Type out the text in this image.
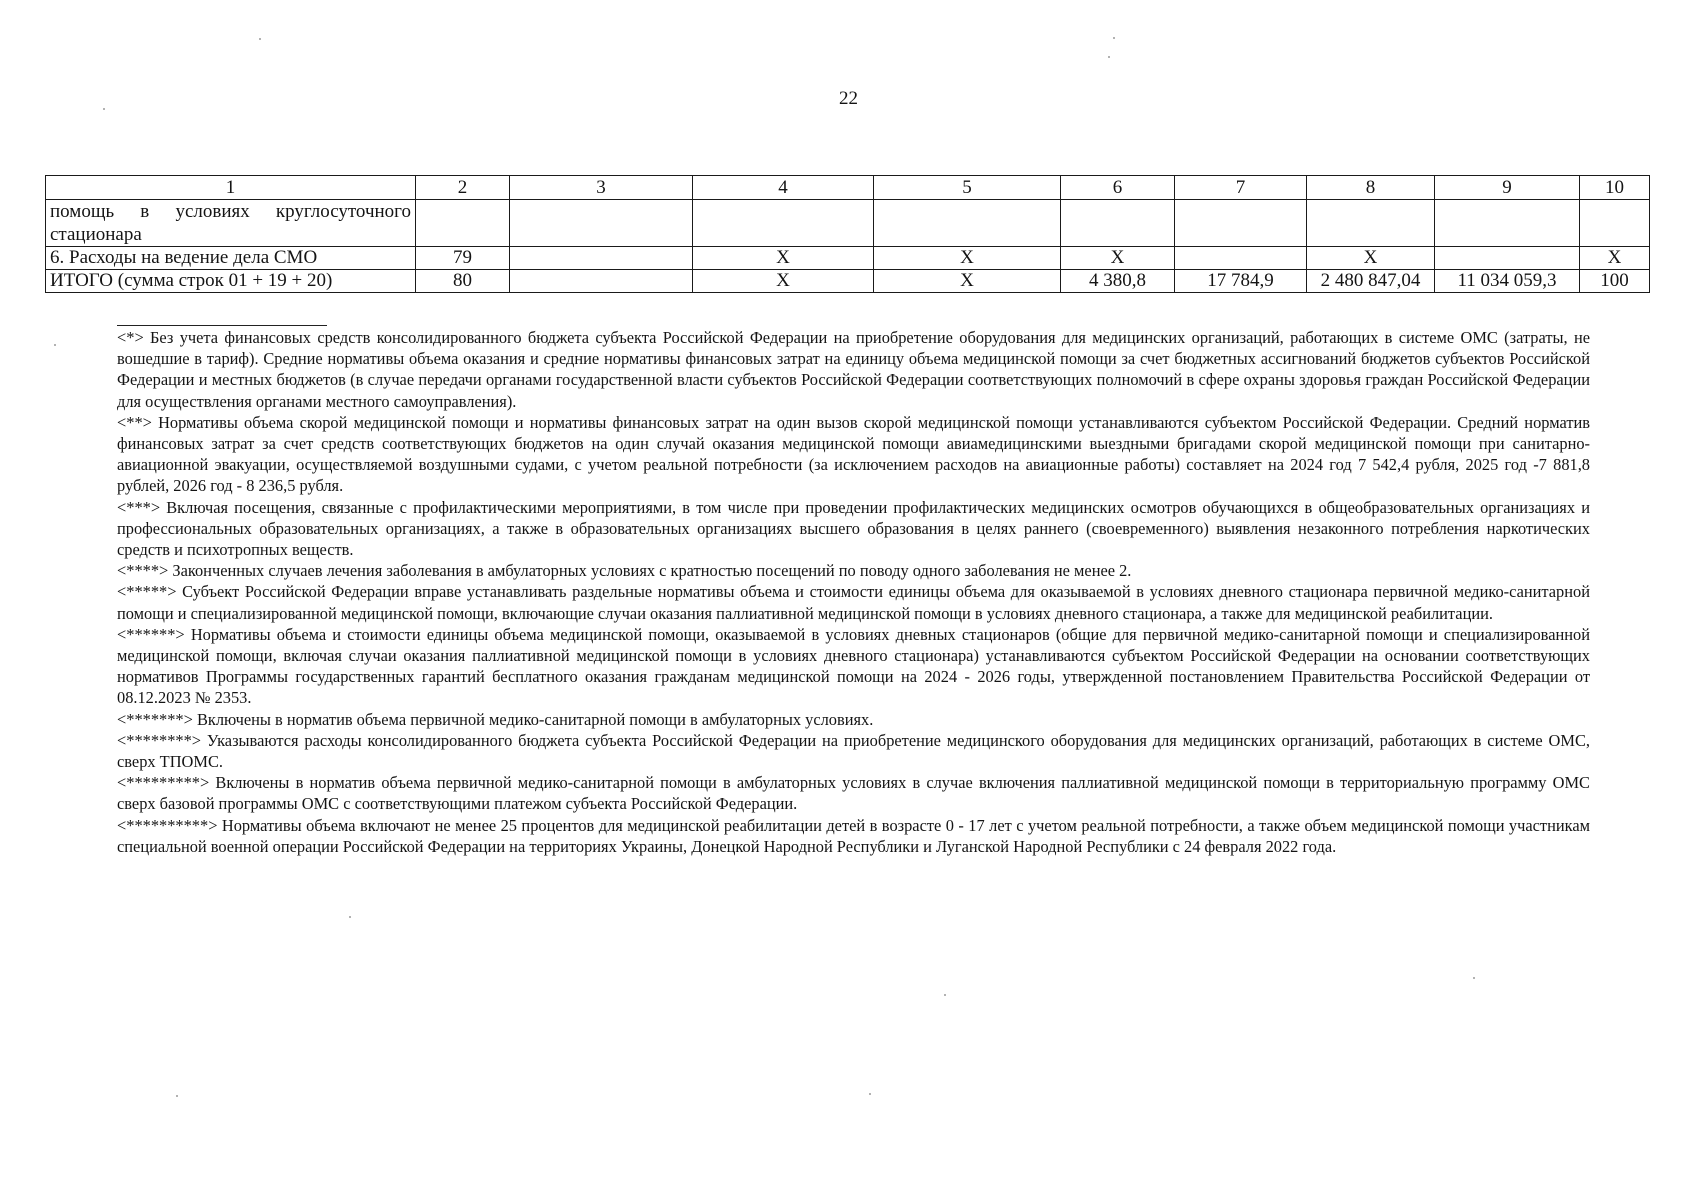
22
1	2	3	4	5	6	7	8	9	10
помощь в условиях круглосуточного стационара									
6. Расходы на ведение дела СМО	79		X	X	X		X		X
ИТОГО (сумма строк 01 + 19 + 20)	80		X	X	4 380,8	17 784,9	2 480 847,04	11 034 059,3	100

<*> Без учета финансовых средств консолидированного бюджета субъекта Российской Федерации на приобретение оборудования для медицинских организаций, работающих в системе ОМС (затраты, не вошедшие в тариф). Средние нормативы объема оказания и средние нормативы финансовых затрат на единицу объема медицинской помощи за счет бюджетных ассигнований бюджетов субъектов Российской Федерации и местных бюджетов (в случае передачи органами государственной власти субъектов Российской Федерации соответствующих полномочий в сфере охраны здоровья граждан Российской Федерации для осуществления органами местного самоуправления).

<**> Нормативы объема скорой медицинской помощи и нормативы финансовых затрат на один вызов скорой медицинской помощи устанавливаются субъектом Российской Федерации. Средний норматив финансовых затрат за счет средств соответствующих бюджетов на один случай оказания медицинской помощи авиамедицинскими выездными бригадами скорой медицинской помощи при санитарно-авиационной эвакуации, осуществляемой воздушными судами, с учетом реальной потребности (за исключением расходов на авиационные работы) составляет на 2024 год 7 542,4 рубля, 2025 год -7 881,8 рублей, 2026 год - 8 236,5 рубля.

<***> Включая посещения, связанные с профилактическими мероприятиями, в том числе при проведении профилактических медицинских осмотров обучающихся в общеобразовательных организациях и профессиональных образовательных организациях, а также в образовательных организациях высшего образования в целях раннего (своевременного) выявления незаконного потребления наркотических средств и психотропных веществ.

<****> Законченных случаев лечения заболевания в амбулаторных условиях с кратностью посещений по поводу одного заболевания не менее 2.

<*****> Субъект Российской Федерации вправе устанавливать раздельные нормативы объема и стоимости единицы объема для оказываемой в условиях дневного стационара первичной медико-санитарной помощи и специализированной медицинской помощи, включающие случаи оказания паллиативной медицинской помощи в условиях дневного стационара, а также для медицинской реабилитации.

<******> Нормативы объема и стоимости единицы объема медицинской помощи, оказываемой в условиях дневных стационаров (общие для первичной медико-санитарной помощи и специализированной медицинской помощи, включая случаи оказания паллиативной медицинской помощи в условиях дневного стационара) устанавливаются субъектом Российской Федерации на основании соответствующих нормативов Программы государственных гарантий бесплатного оказания гражданам медицинской помощи на 2024 - 2026 годы, утвержденной постановлением Правительства Российской Федерации от 08.12.2023 № 2353.

<*******> Включены в норматив объема первичной медико-санитарной помощи в амбулаторных условиях.

<********> Указываются расходы консолидированного бюджета субъекта Российской Федерации на приобретение медицинского оборудования для медицинских организаций, работающих в системе ОМС, сверх ТПОМС.

<*********> Включены в норматив объема первичной медико-санитарной помощи в амбулаторных условиях в случае включения паллиативной медицинской помощи в территориальную программу ОМС сверх базовой программы ОМС с соответствующими платежом субъекта Российской Федерации.

<**********> Нормативы объема включают не менее 25 процентов для медицинской реабилитации детей в возрасте 0 - 17 лет с учетом реальной потребности, а также объем медицинской помощи участникам специальной военной операции Российской Федерации на территориях Украины, Донецкой Народной Республики и Луганской Народной Республики с 24 февраля 2022 года.
